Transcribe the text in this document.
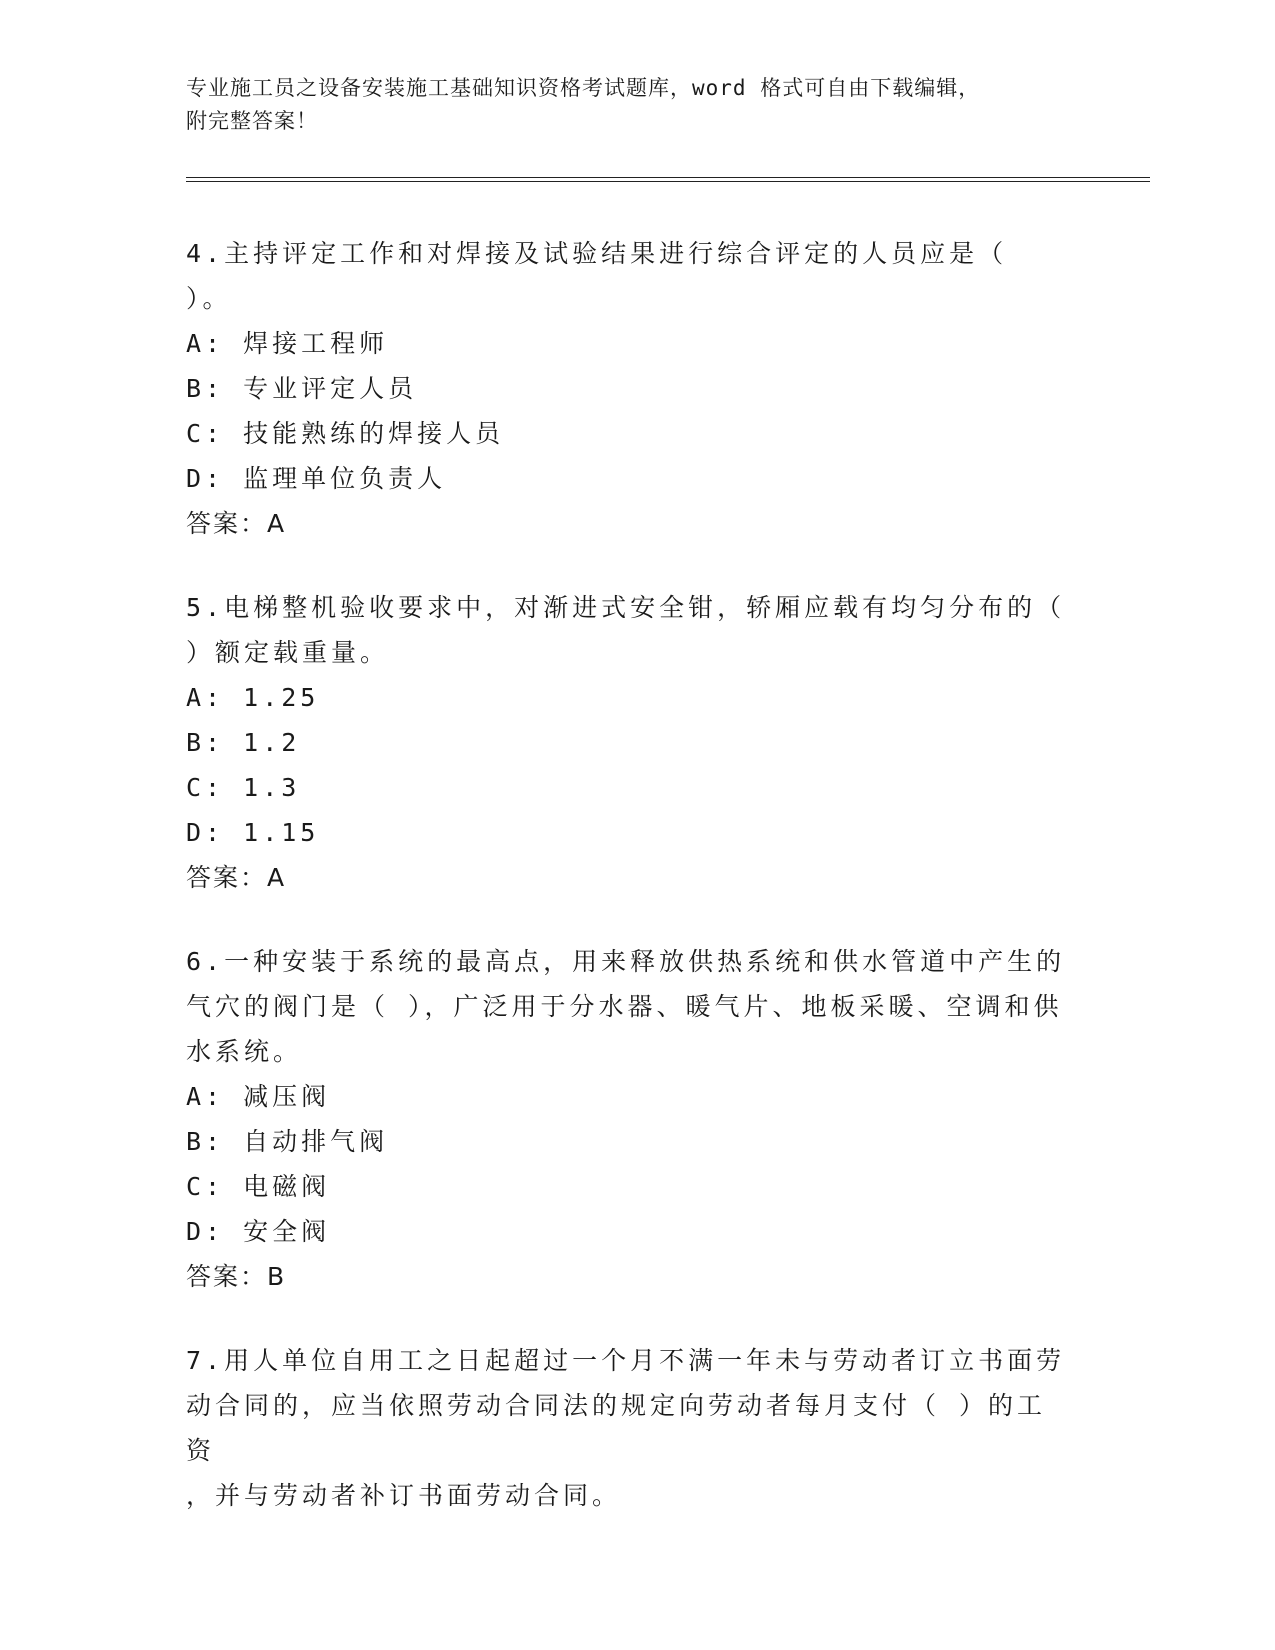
专业施工员之设备安装施工基础知识资格考试题库，word 格式可自由下载编辑，
附完整答案！

4.主持评定工作和对焊接及试验结果进行综合评定的人员应是（ ）。

A: 焊接工程师

B: 专业评定人员

C: 技能熟练的焊接人员

D: 监理单位负责人

答案：A

5.电梯整机验收要求中，对渐进式安全钳，轿厢应载有均匀分布的（

）额定载重量。

A: 1.25

B: 1.2

C: 1.3

D: 1.15

答案：A

6.一种安装于系统的最高点，用来释放供热系统和供水管道中产生的

气穴的阀门是（ ），广泛用于分水器、暖气片、地板采暖、空调和供

水系统。

A: 减压阀

B: 自动排气阀

C: 电磁阀

D: 安全阀

答案：B

7.用人单位自用工之日起超过一个月不满一年未与劳动者订立书面劳

动合同的，应当依照劳动合同法的规定向劳动者每月支付（ ）的工资

，并与劳动者补订书面劳动合同。
